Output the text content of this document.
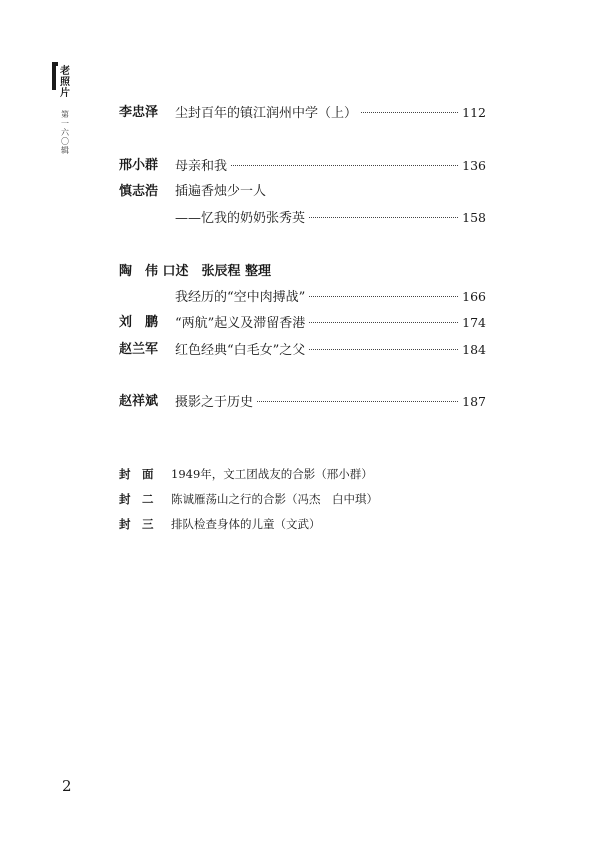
老照片
第一六〇辑
李忠泽 尘封百年的镇江润州中学（上）	112
邢小群 母亲和我	136
慎志浩 插遍香烛少一人
——忆我的奶奶张秀英	158
陶　伟 口述　张辰程 整理
我经历的“空中肉搏战”	166
刘　鹏 “两航”起义及滞留香港	174
赵兰军 红色经典“白毛女”之父	184
赵祥斌 摄影之于历史	187
封　面 1949年，文工团战友的合影（邢小群）
封　二 陈诚雁荡山之行的合影（冯杰　白中琪）
封　三 排队检查身体的儿童（文武）
2
